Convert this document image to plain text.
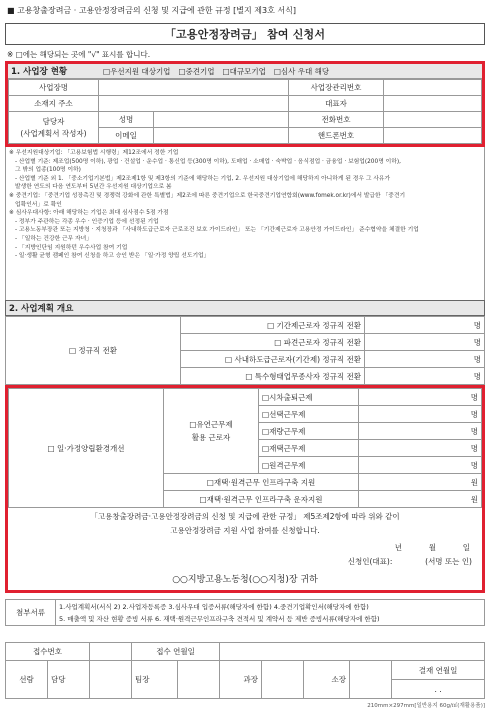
■ 고용창출장려금 · 고용안정장려금의 신청 및 지급에 관한 규정 [별지 제3호 서식]
「고용안정장려금」 참여 신청서
※ □에는 해당되는 곳에 "√" 표시를 합니다.
1. 사업장 현황	□우선지원 대상기업 □중견기업 □대규모기업 □심사 우대 해당
사업장명			사업장관리번호	
소재지 주소			대표자	

담당자
(사업계획서 작성자)	성명		전화번호	
	이메일		핸드폰번호	
※ 우선지원대상기업: 「고용보험법 시행령」제12조에서 정한 기업
- 산업별 기준: 제조업(500명 이하), 광업 · 건설업 · 운수업 · 통신업 등(300명 이하), 도매업 · 소매업 · 숙박업 · 음식점업 · 금융업 · 보험업(200명 이하),
그 밖의 업종(100명 이하)
- 산업별 기준 외 1. 「중소기업기본법」제2조제1항 및 제3항의 기준에 해당하는 기업, 2. 우선지원 대상기업에 해당하지 아니하게 된 경우 그 사유가
발생한 연도의 다음 연도부터 5년간 우선지원 대상기업으로 봄
※ 중견기업: 「중견기업 성장촉진 및 경쟁력 강화에 관한 특별법」제2조에 따른 중견기업으로 한국중견기업연합회(www.fomek.or.kr)에서 발급한 「중견기
업확인서」로 확인
※ 심사우대사항: 아래 해당하는 기업은 최대 심사점수 5점 가점
- 정부가 주관하는 각종 우수 · 인증기업 등에 선정된 기업
- 고용노동부장관 또는 지방청 · 지청장과 「사내하도급근로자 근로조건 보호 가이드라인」 또는 「기간제근로자 고용안정 가이드라인」 준수협약을 체결한 기업
- 「일하는 건강한 근무 자녀」
- 「지방인단임 지원하던 우수사업 참여 기업
- 일·생활 균형 캠페인 참여 신청을 하고 승인 받은 「일·가정 양립 선도기업」
2. 사업계획 개요
□ 정규직 전환	□ 기간제근로자 정규직 전환	명
	□ 파견근로자 정규직 전환	명
	□ 사내하도급근로자(기간제) 정규직 전환	명
	□ 특수형태업무종사자 정규직 전환	명
□ 일·가정양립환경개선	□유연근무제
활용 근로자	□시차출퇴근제	명
		□선택근무제	명
		□재량근무제	명
		□재택근무제	명
		□원격근무제	명
	□재택·원격근무 인프라구축 지원		원
	□재택·원격근무 인프라구축 운자지원		원
「고용창출장려금·고용안정장려금의 신청 및 지급에 관한 규정」 제5조제2항에 따라 위와 같이
고용안정장려금 지원 사업 참여를 신청합니다.
년	월	일
신청인(대표):	(서명 또는 인)
○○지방고용노동청(○○지청)장 귀하
첨부서류	1.사업계획서(서식 2) 2.사업자등록증 3.심사우대 입증서류(해당자에 한함) 4.중견기업확인서(해당자에 한함)
5. 매출액 및 자산 현황 증빙 서류 6. 재택·원격근무인프라구축 견적서 및 계약서 등 제반 증빙서류(해당자에 한함)
접수번호			접수 연월일						
선람	담당		팀장		과장		소장		결재 연월일
									. .
210mm×297mm[일반용지 60g/㎡(재활용품)]
